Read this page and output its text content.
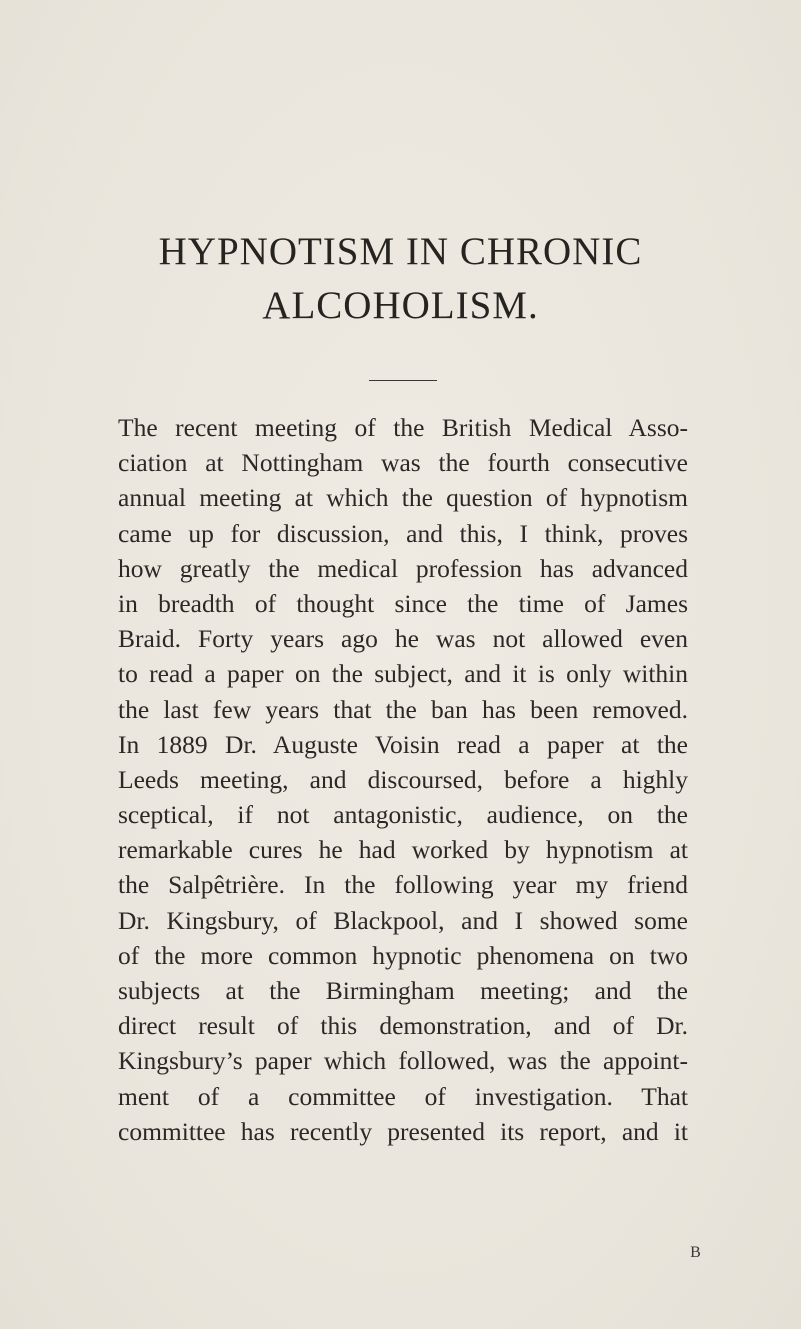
HYPNOTISM IN CHRONIC
ALCOHOLISM.
The recent meeting of the British Medical Asso-
ciation at Nottingham was the fourth consecutive
annual meeting at which the question of hypnotism
came up for discussion, and this, I think, proves
how greatly the medical profession has advanced
in breadth of thought since the time of James
Braid. Forty years ago he was not allowed even
to read a paper on the subject, and it is only within
the last few years that the ban has been removed.
In 1889 Dr. Auguste Voisin read a paper at the
Leeds meeting, and discoursed, before a highly
sceptical, if not antagonistic, audience, on the
remarkable cures he had worked by hypnotism at
the Salpêtrière. In the following year my friend
Dr. Kingsbury, of Blackpool, and I showed some
of the more common hypnotic phenomena on two
subjects at the Birmingham meeting; and the
direct result of this demonstration, and of Dr.
Kingsbury’s paper which followed, was the appoint-
ment of a committee of investigation. That
committee has recently presented its report, and it
B
